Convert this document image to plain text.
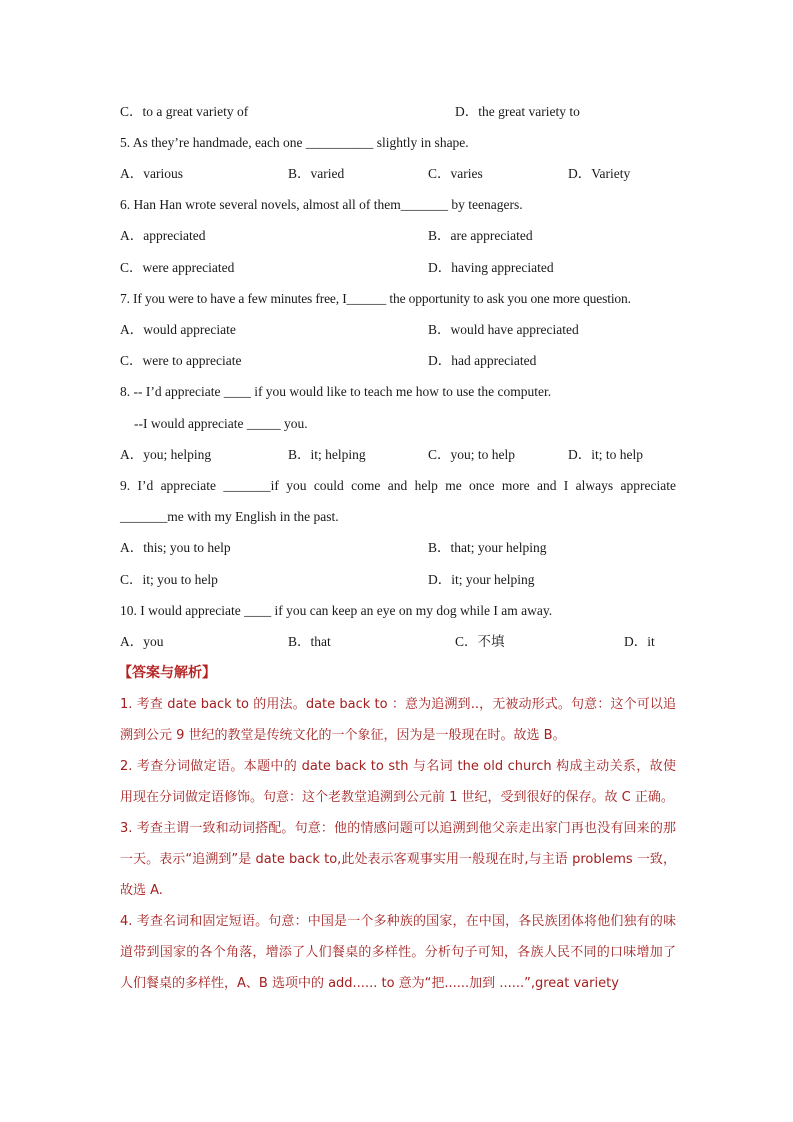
C．to a great variety of	D．the great variety to
5. As they’re handmade, each one __________ slightly in shape.
A．various	B．varied	C．varies	D．Variety
6. Han Han wrote several novels, almost all of them_______ by teenagers.
A．appreciated	B．are appreciated
C．were appreciated	D．having appreciated
7. If you were to have a few minutes free, I______ the opportunity to ask you one more question.
A．would appreciate	B．would have appreciated
C．were to appreciate	D．had appreciated
8. -- I’d appreciate ____ if you would like to teach me how to use the computer.
--I would appreciate _____ you.
A．you; helping	B．it; helping	C．you; to help	D．it; to help
9. I’d appreciate _______if you could come and help me once more and I always appreciate
_______me with my English in the past.
A．this; you to help	B．that; your helping
C．it; you to help	D．it; your helping
10. I would appreciate ____ if you can keep an eye on my dog while I am away.
A．you	B．that	C．不填	D．it
【答案与解析】
1. 考查 date back to 的用法。date back to ：意为追溯到..，无被动形式。句意：这个可以追溯到公元 9 世纪的教堂是传统文化的一个象征，因为是一般现在时。故选 B。
2. 考查分词做定语。本题中的 date back to sth 与名词 the old church 构成主动关系，故使用现在分词做定语修饰。句意：这个老教堂追溯到公元前 1 世纪，受到很好的保存。故 C 正确。
3. 考查主谓一致和动词搭配。句意：他的情感问题可以追溯到他父亲走出家门再也没有回来的那一天。表示“追溯到”是 date back to,此处表示客观事实用一般现在时,与主语 problems 一致，故选 A.
4. 考查名词和固定短语。句意：中国是一个多种族的国家，在中国，各民族团体将他们独有的味道带到国家的各个角落，增添了人们餐桌的多样性。分析句子可知，各族人民不同的口味增加了人们餐桌的多样性，A、B 选项中的 add...... to 意为“把......加到 ......”,great variety
